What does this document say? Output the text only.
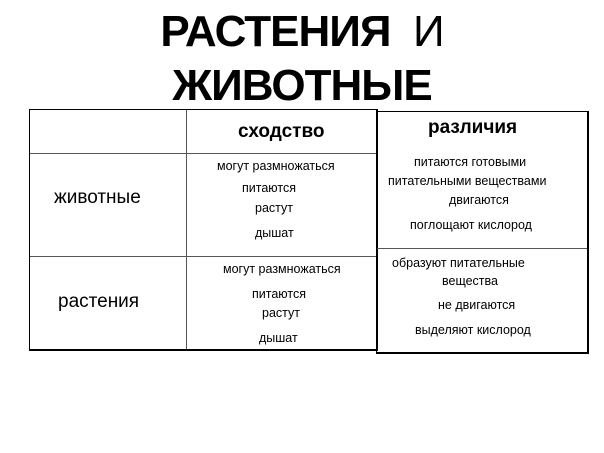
РАСТЕНИЯ И
ЖИВОТНЫЕ
сходство	различия
животные
растения
могут размножаться
питаются
растут
дышат
могут размножаться
питаются
растут
дышат
питаются готовыми
питательными веществами
двигаются
поглощают кислород
образуют питательные
вещества
не двигаются
выделяют кислород
